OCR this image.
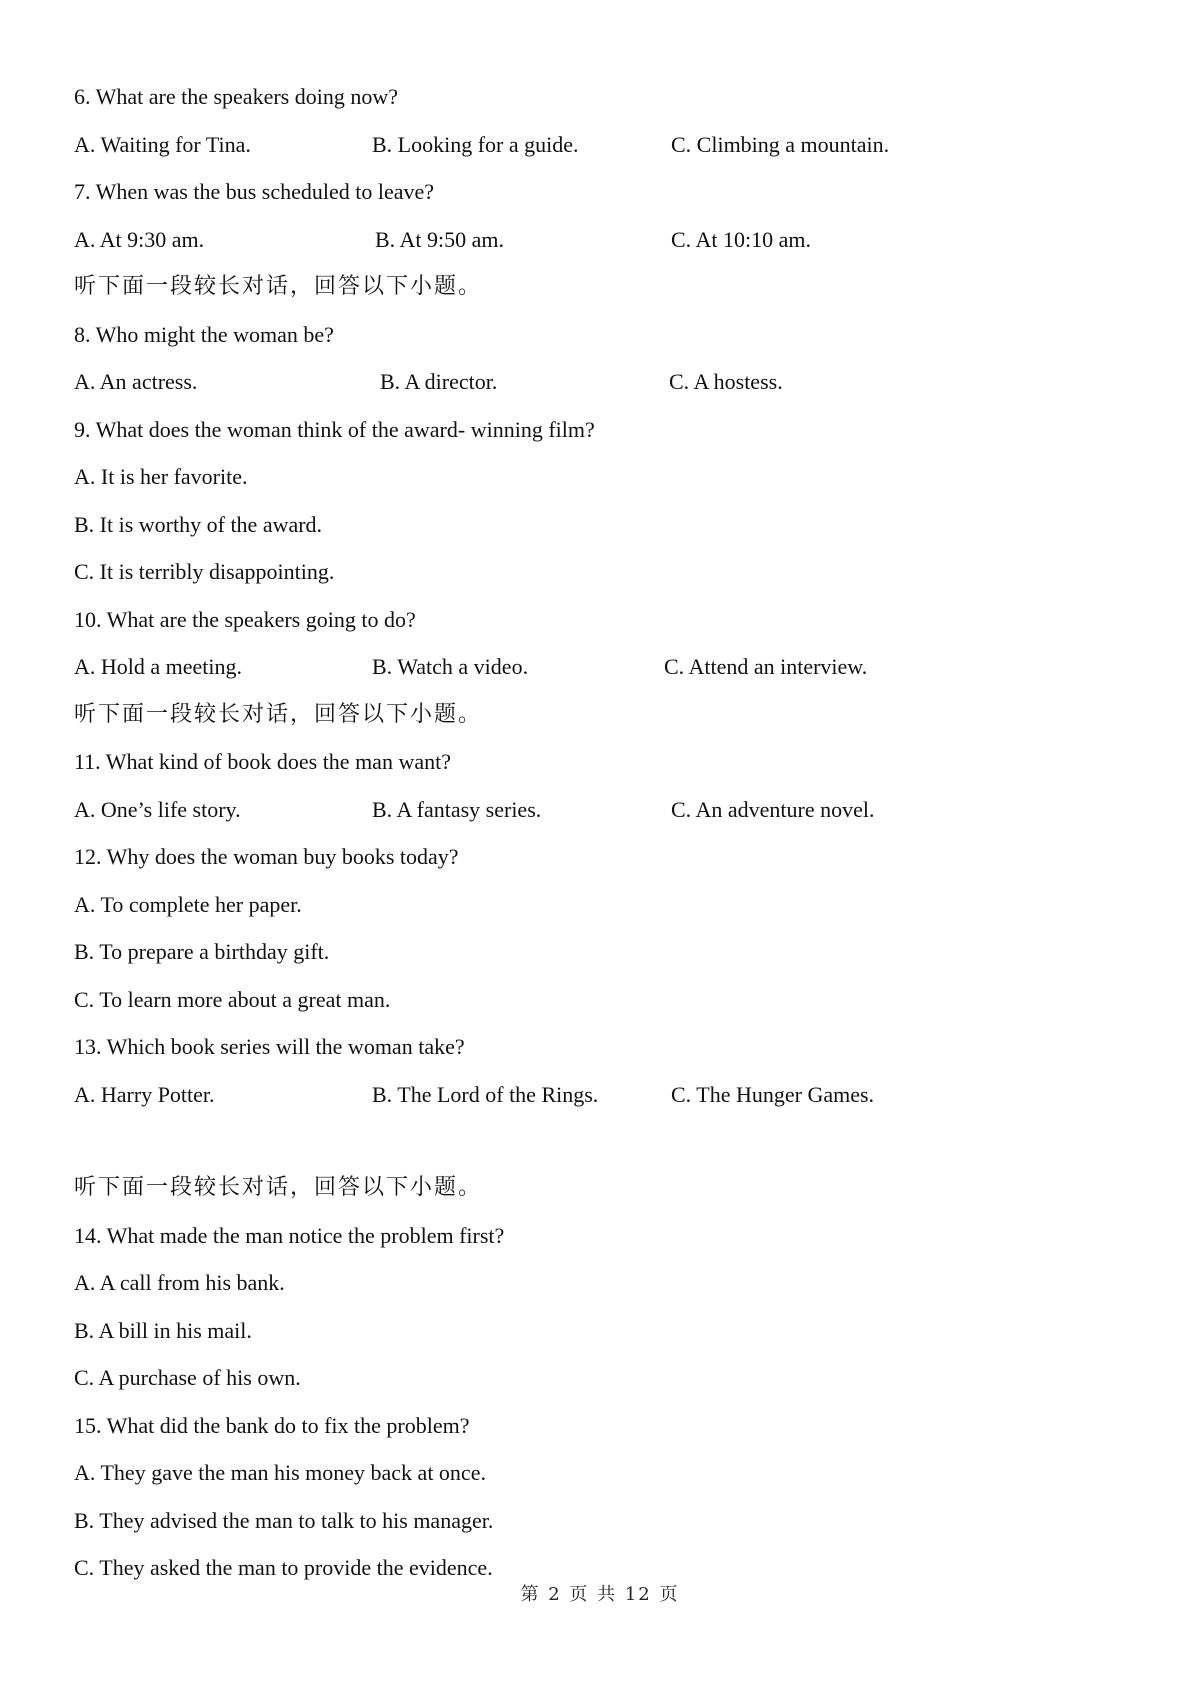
6. What are the speakers doing now?
A. Waiting for Tina.	B. Looking for a guide.	C. Climbing a mountain.
7. When was the bus scheduled to leave?
A. At 9:30 am.	B. At 9:50 am.	C. At 10:10 am.
听下面一段较长对话，回答以下小题。
8. Who might the woman be?
A. An actress.	B. A director.	C. A hostess.
9. What does the woman think of the award- winning film?
A. It is her favorite.
B. It is worthy of the award.
C. It is terribly disappointing.
10. What are the speakers going to do?
A. Hold a meeting.	B. Watch a video.	C. Attend an interview.
听下面一段较长对话，回答以下小题。
11. What kind of book does the man want?
A. One’s life story.	B. A fantasy series.	C. An adventure novel.
12. Why does the woman buy books today?
A. To complete her paper.
B. To prepare a birthday gift.
C. To learn more about a great man.
13. Which book series will the woman take?
A. Harry Potter.	B. The Lord of the Rings.	C. The Hunger Games.
听下面一段较长对话，回答以下小题。
14. What made the man notice the problem first?
A. A call from his bank.
B. A bill in his mail.
C. A purchase of his own.
15. What did the bank do to fix the problem?
A. They gave the man his money back at once.
B. They advised the man to talk to his manager.
C. They asked the man to provide the evidence.
第 2 页 共 12 页
